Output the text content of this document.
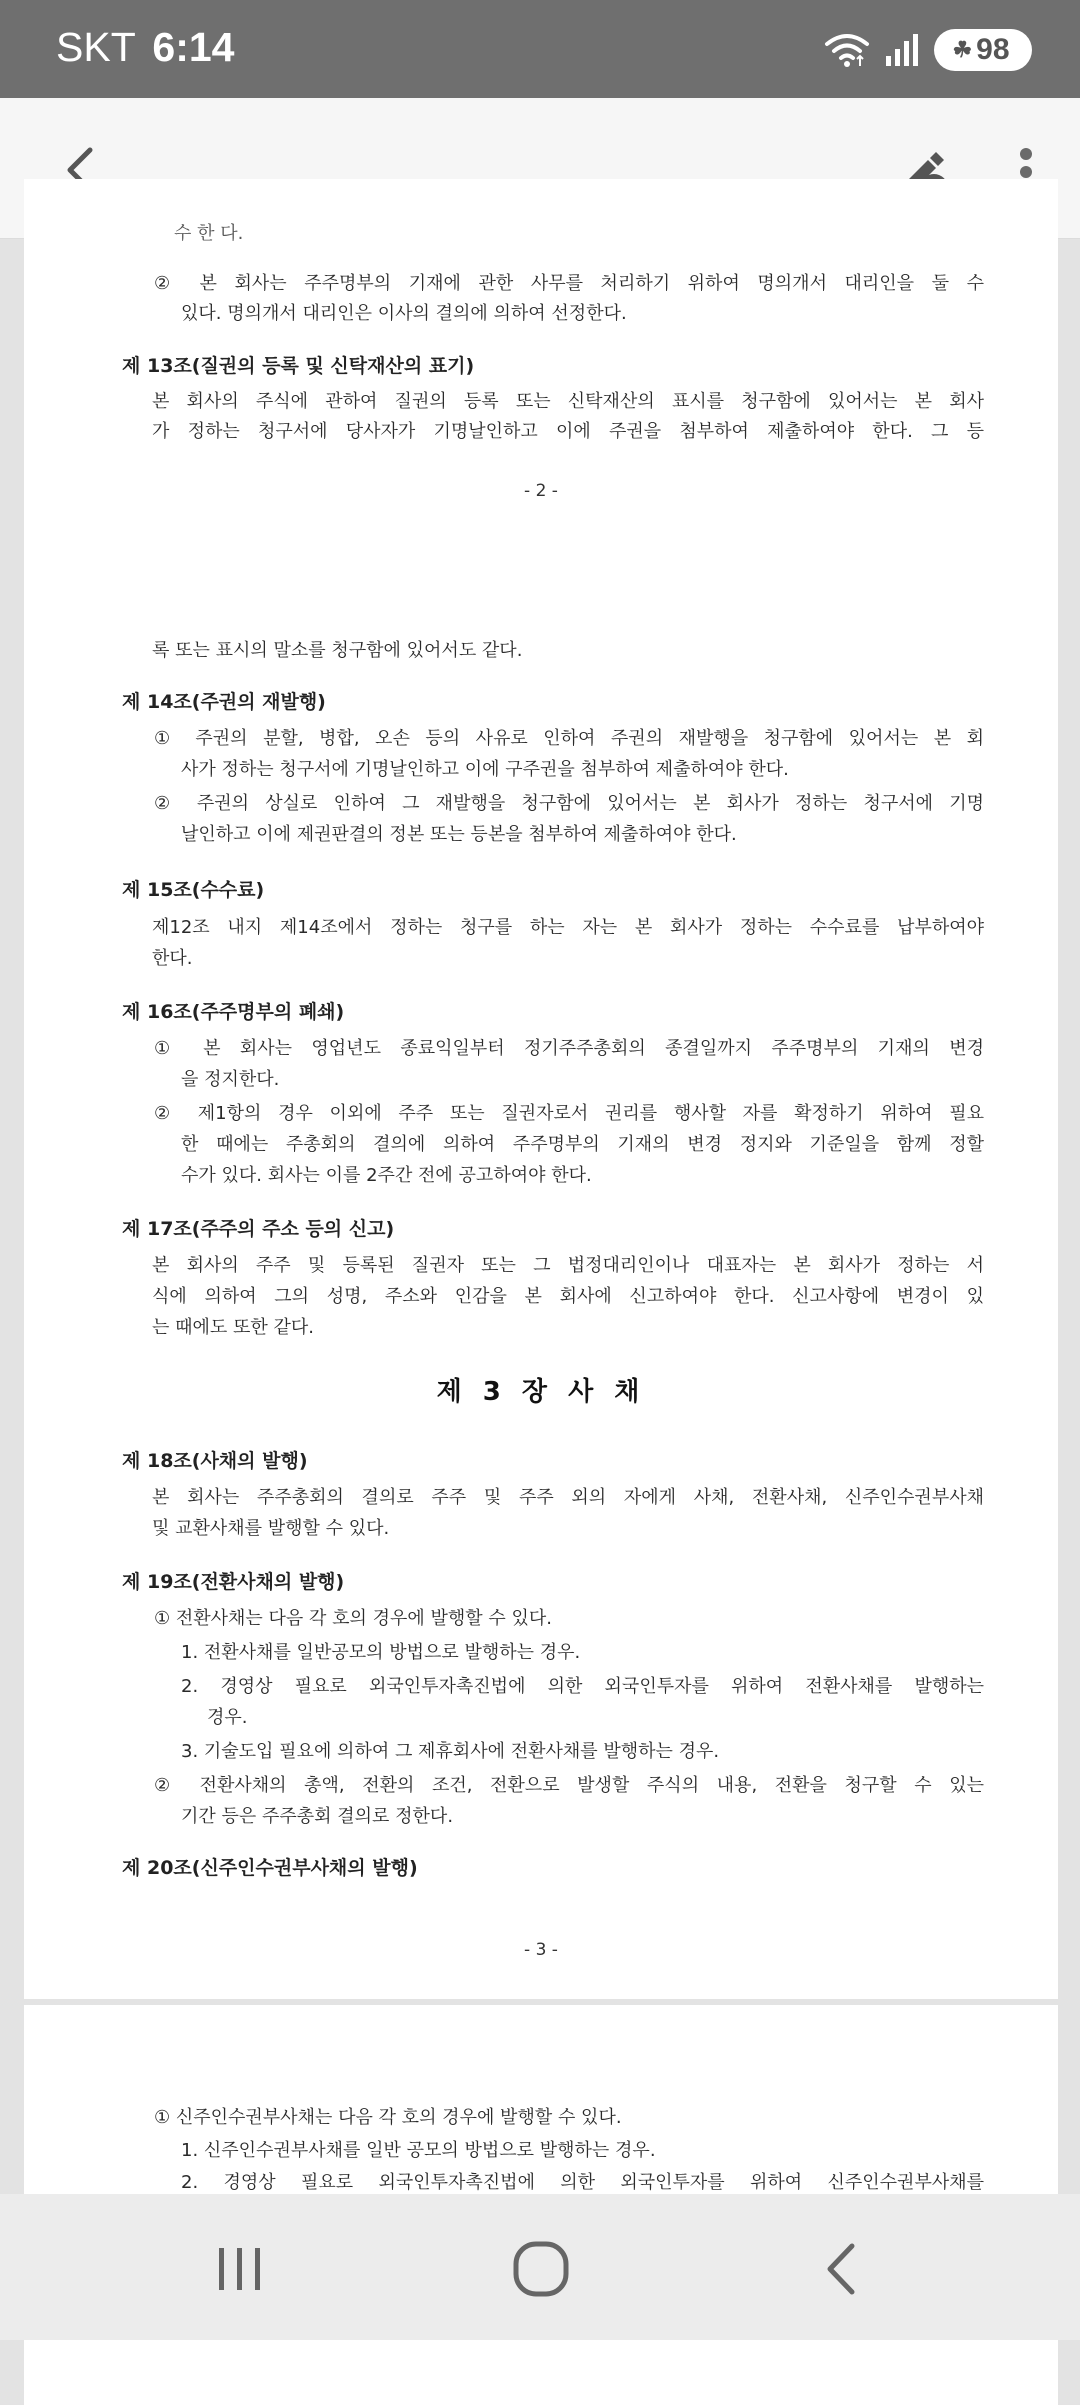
SKT 6:14	☘ 98
수 한 다.
② 본 회사는 주주명부의 기재에 관한 사무를 처리하기 위하여 명의개서 대리인을 둘 수
있다. 명의개서 대리인은 이사의 결의에 의하여 선정한다.
제 13조(질권의 등록 및 신탁재산의 표기)
본 회사의 주식에 관하여 질권의 등록 또는 신탁재산의 표시를 청구함에 있어서는 본 회사
가 정하는 청구서에 당사자가 기명날인하고 이에 주권을 첨부하여 제출하여야 한다. 그 등
- 2 -
록 또는 표시의 말소를 청구함에 있어서도 같다.
제 14조(주권의 재발행)
① 주권의 분할, 병합, 오손 등의 사유로 인하여 주권의 재발행을 청구함에 있어서는 본 회
사가 정하는 청구서에 기명날인하고 이에 구주권을 첨부하여 제출하여야 한다.
② 주권의 상실로 인하여 그 재발행을 청구함에 있어서는 본 회사가 정하는 청구서에 기명
날인하고 이에 제권판결의 정본 또는 등본을 첨부하여 제출하여야 한다.
제 15조(수수료)
제12조 내지 제14조에서 정하는 청구를 하는 자는 본 회사가 정하는 수수료를 납부하여야
한다.
제 16조(주주명부의 폐쇄)
① 본 회사는 영업년도 종료익일부터 정기주주총회의 종결일까지 주주명부의 기재의 변경
을 정지한다.
② 제1항의 경우 이외에 주주 또는 질권자로서 권리를 행사할 자를 확정하기 위하여 필요
한 때에는 주총회의 결의에 의하여 주주명부의 기재의 변경 정지와 기준일을 함께 정할
수가 있다. 회사는 이를 2주간 전에 공고하여야 한다.
제 17조(주주의 주소 등의 신고)
본 회사의 주주 및 등록된 질권자 또는 그 법정대리인이나 대표자는 본 회사가 정하는 서
식에 의하여 그의 성명, 주소와 인감을 본 회사에 신고하여야 한다. 신고사항에 변경이 있
는 때에도 또한 같다.
제 3 장 사 채
제 18조(사채의 발행)
본 회사는 주주총회의 결의로 주주 및 주주 외의 자에게 사채, 전환사채, 신주인수권부사채
및 교환사채를 발행할 수 있다.
제 19조(전환사채의 발행)
① 전환사채는 다음 각 호의 경우에 발행할 수 있다.
1. 전환사채를 일반공모의 방법으로 발행하는 경우.
2. 경영상 필요로 외국인투자촉진법에 의한 외국인투자를 위하여 전환사채를 발행하는
경우.
3. 기술도입 필요에 의하여 그 제휴회사에 전환사채를 발행하는 경우.
② 전환사채의 총액, 전환의 조건, 전환으로 발생할 주식의 내용, 전환을 청구할 수 있는
기간 등은 주주총회 결의로 정한다.
제 20조(신주인수권부사채의 발행)
- 3 -
① 신주인수권부사채는 다음 각 호의 경우에 발행할 수 있다.
1. 신주인수권부사채를 일반 공모의 방법으로 발행하는 경우.
2. 경영상 필요로 외국인투자촉진법에 의한 외국인투자를 위하여 신주인수권부사채를
